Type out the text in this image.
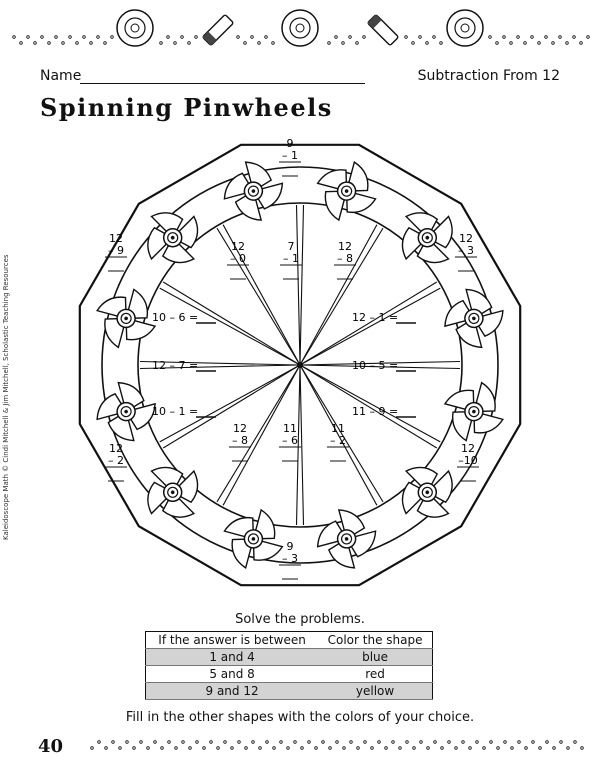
Name	Subtraction From 12
Spinning Pinwheels
Kaleidoscope Math © Cindi Mitchell & Jim Mitchell, Scholastic Teaching Resources
9
– 1
12
– 9
12
– 3
12
– 0
7
– 1
12
– 8
12
– 8
11
– 6
11
– 2
12
– 2
12
–10
9
– 3
10 – 6 =
12 – 7 =
10 – 1 =
12 – 1 =
10 – 5 =
11 – 9 =
Solve the problems.
If the answer is between	Color the shape
1 and 4	blue
5 and 8	red
9 and 12	yellow
Fill in the other shapes with the colors of your choice.
40
